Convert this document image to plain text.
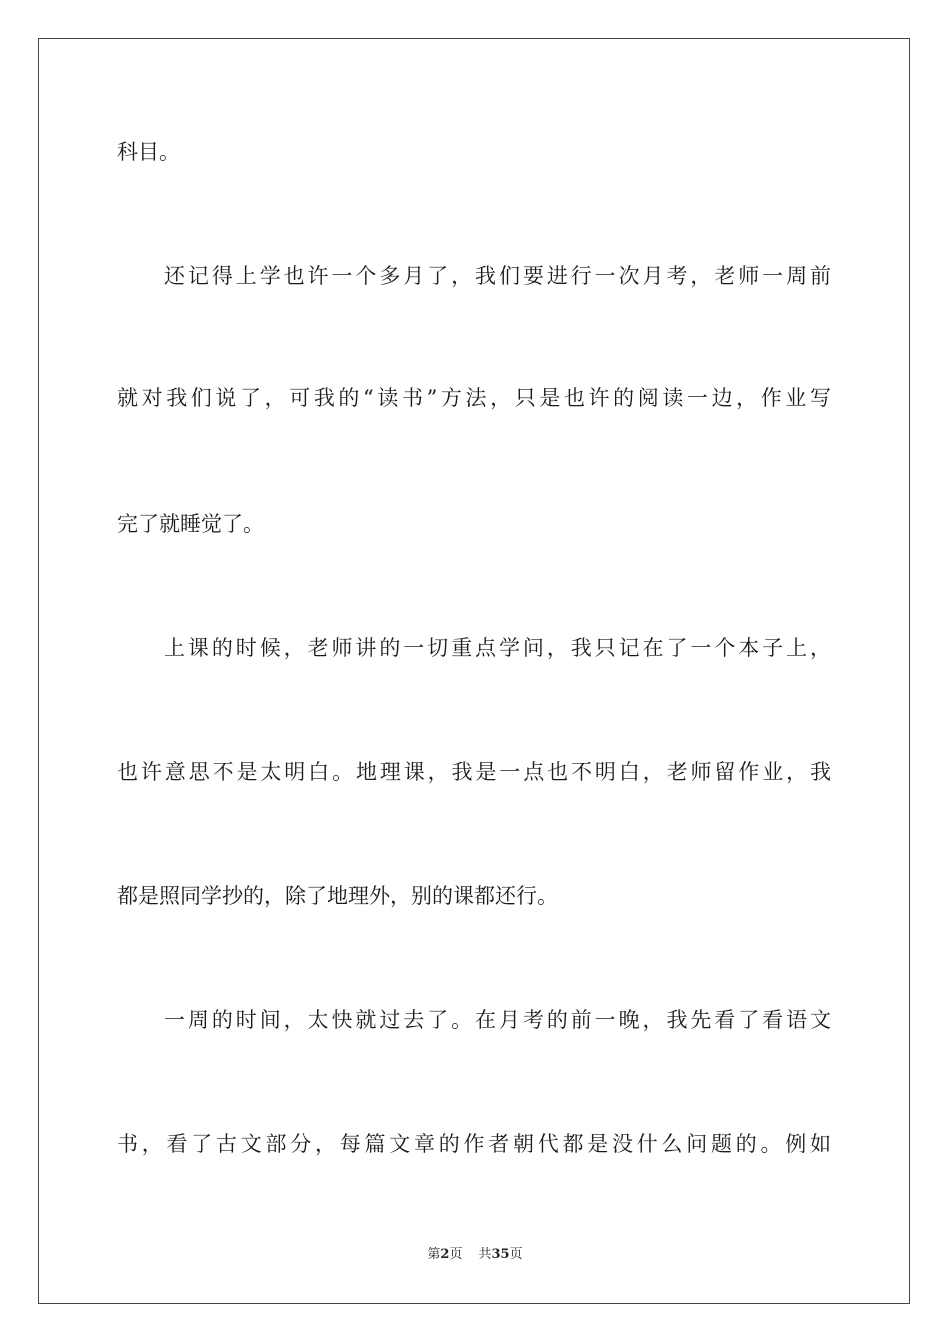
科目。
还记得上学也许一个多月了，我们要进行一次月考，老师一周前
就对我们说了，可我的“读书”方法，只是也许的阅读一边，作业写
完了就睡觉了。
上课的时候，老师讲的一切重点学问，我只记在了一个本子上，
也许意思不是太明白。地理课，我是一点也不明白，老师留作业，我
都是照同学抄的，除了地理外，别的课都还行。
一周的时间，太快就过去了。在月考的前一晚，我先看了看语文
书，看了古文部分，每篇文章的作者朝代都是没什么问题的。例如
第2页 共35页
